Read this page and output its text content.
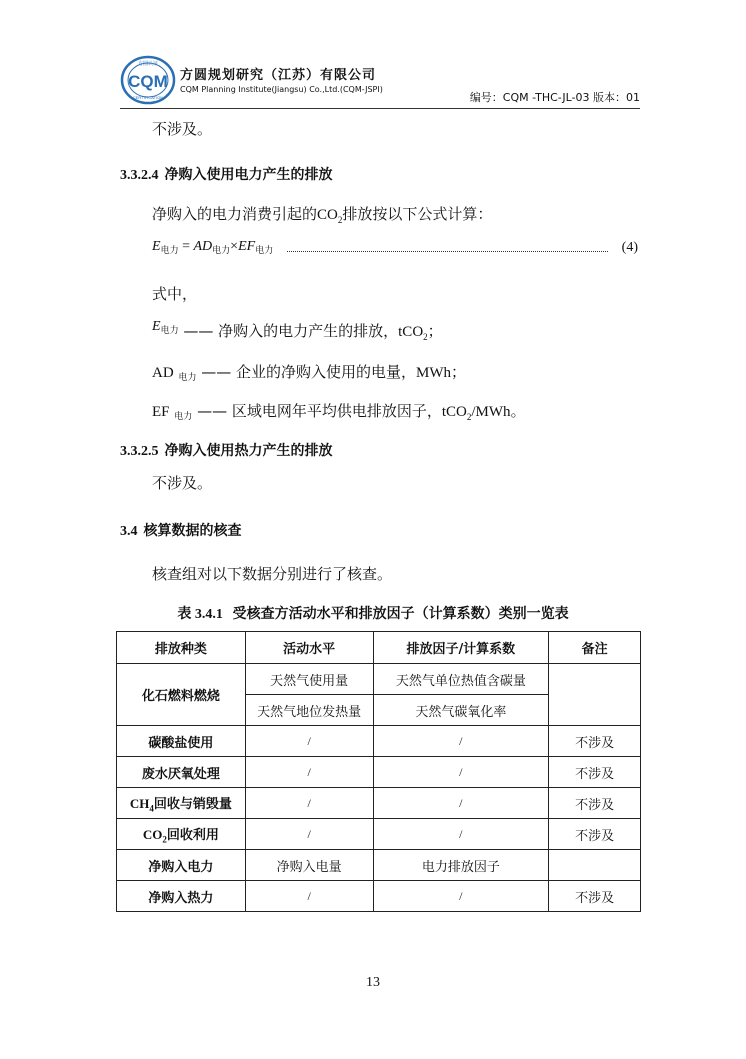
CQM
方圆认证
CERTIFICATION
方圆规划研究（江苏）有限公司
CQM Planning Institute(Jiangsu) Co.,Ltd.(CQM-JSPI)
编号：CQM -THC-JL-03 版本：01
不涉及。
3.3.2.4 净购入使用电力产生的排放
净购入的电力消费引起的$CO_2$排放按以下公式计算：
$E_{电力} = AD_{电力}\times EF_{电力}$	(4)
式中，
$E^{电力}$ —— 净购入的电力产生的排放，tCO$_2$；
AD $_{电力}$ —— 企业的净购入使用的电量，MWh；
EF $_{电力}$ —— 区域电网年平均供电排放因子，tCO$_2$/MWh。
3.3.2.5 净购入使用热力产生的排放
不涉及。
3.4 核算数据的核查
核查组对以下数据分别进行了核查。
表 3.4.1 受核查方活动水平和排放因子（计算系数）类别一览表
排放种类	活动水平	排放因子/计算系数	备注
化石燃料燃烧	天然气使用量	天然气单位热值含碳量	
	天然气地位发热量	天然气碳氧化率	
碳酸盐使用	/	/	不涉及
废水厌氧处理	/	/	不涉及
$CH_4$回收与销毁量	/	/	不涉及
$CO_2$回收利用	/	/	不涉及
净购入电力	净购入电量	电力排放因子	
净购入热力	/	/	不涉及
13
